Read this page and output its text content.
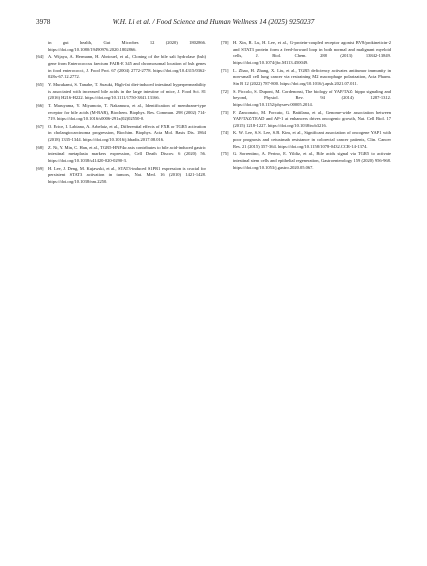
3978	W.H. Li et al. / Food Science and Human Wellness 14 (2025) 9250237
in gut health, Gut Microbes 12 (2020) 1802866. https://doi.org/10.1080/19490976.2020.1802866.
[64]	A. Wijaya, A. Hermann, H. Abriouel, et al., Cloning of the bile salt hydrolase (bsh) gene from Enterococcus faecium FAIR-E 345 and chromosomal location of bsh genes in food enterococci, J. Food Prot. 67 (2004) 2772-2778. https://doi.org/10.4315/0362-028x-67.12.2772.
[65]	Y. Murakami, S. Tanabe, T. Suzuki, High-fat diet-induced intestinal hyperpermeability is associated with increased bile acids in the large intestine of mice, J. Food Sci. 81 (2016) H216-H222. https://doi.org/10.1111/1750-3841.13166.
[66]	T. Maruyama, Y. Miyamoto, T. Nakamura, et al., Identification of membrane-type receptor for bile acids (M-BAR), Biochem. Biophys. Res. Commun. 298 (2002) 714-719. https://doi.org/10.1016/s0006-291x(02)02550-0.
[67]	O. Erice, I. Labiano, A. Arbelaiz, et al., Differential effects of FXR or TGR5 activation in cholangiocarcinoma progression, Biochim. Biophys. Acta Mol. Basis Dis. 1864 (2018) 1335-1344. https://doi.org/10.1016/j.bbadis.2017.08.016.
[68]	Z. Ni, Y. Min, C. Han, et al., TGR5-HNF4α axis contributes to bile acid-induced gastric intestinal metaplasia markers expression, Cell Death Discov. 6 (2020) 56. https://doi.org/10.1038/s41420-020-0290-3.
[69]	H. Lee, J. Deng, M. Kujawski, et al., STAT3-induced S1PR1 expression is crucial for persistent STAT3 activation in tumors, Nat. Med. 16 (2010) 1421-1428. https://doi.org/10.1038/nm.2250.
[70]	H. Xin, R. Lu, H. Lee, et al., G-protein-coupled receptor agonist BV8/prokineticin-2 and STAT3 protein form a feed-forward loop in both normal and malignant myeloid cells, J. Biol. Chem. 288 (2013) 13842-13849. https://doi.org/10.1074/jbc.M113.450049.
[71]	L. Zhao, H. Zhang, X. Liu, et al., TGR5 deficiency activates antitumor immunity in non-small cell lung cancer via restraining M2 macrophage polarization, Acta Pharm. Sin B 12 (2022) 787-800. https://doi.org/10.1016/j.apsb.2021.07.011.
[72]	S. Piccolo, S. Dupont, M. Cordenonsi, The biology of YAP/TAZ: hippo signaling and beyond, Physiol. Rev. 94 (2014) 1287-1312. https://doi.org/10.1152/physrev.00005.2014.
[73]	F. Zanconato, M. Forcato, G. Battilana, et al., Genome-wide association between YAP/TAZ/TEAD and AP-1 at enhancers drives oncogenic growth, Nat. Cell Biol. 17 (2015) 1218-1227. https://doi.org/10.1038/ncb3216.
[74]	K. W. Lee, S.S. Lee, S.B. Kim, et al., Significant association of oncogene YAP1 with poor prognosis and cetuximab resistance in colorectal cancer patients, Clin. Cancer Res. 21 (2015) 357-364. https://doi.org/10.1158/1078-0432.CCR-14-1374.
[75]	G. Sorrentino, A. Perino, E. Yildiz, et al., Bile acids signal via TGR5 to activate intestinal stem cells and epithelial regeneration, Gastroenterology 159 (2020) 956-968. https://doi.org/10.1053/j.gastro.2020.05.067.
